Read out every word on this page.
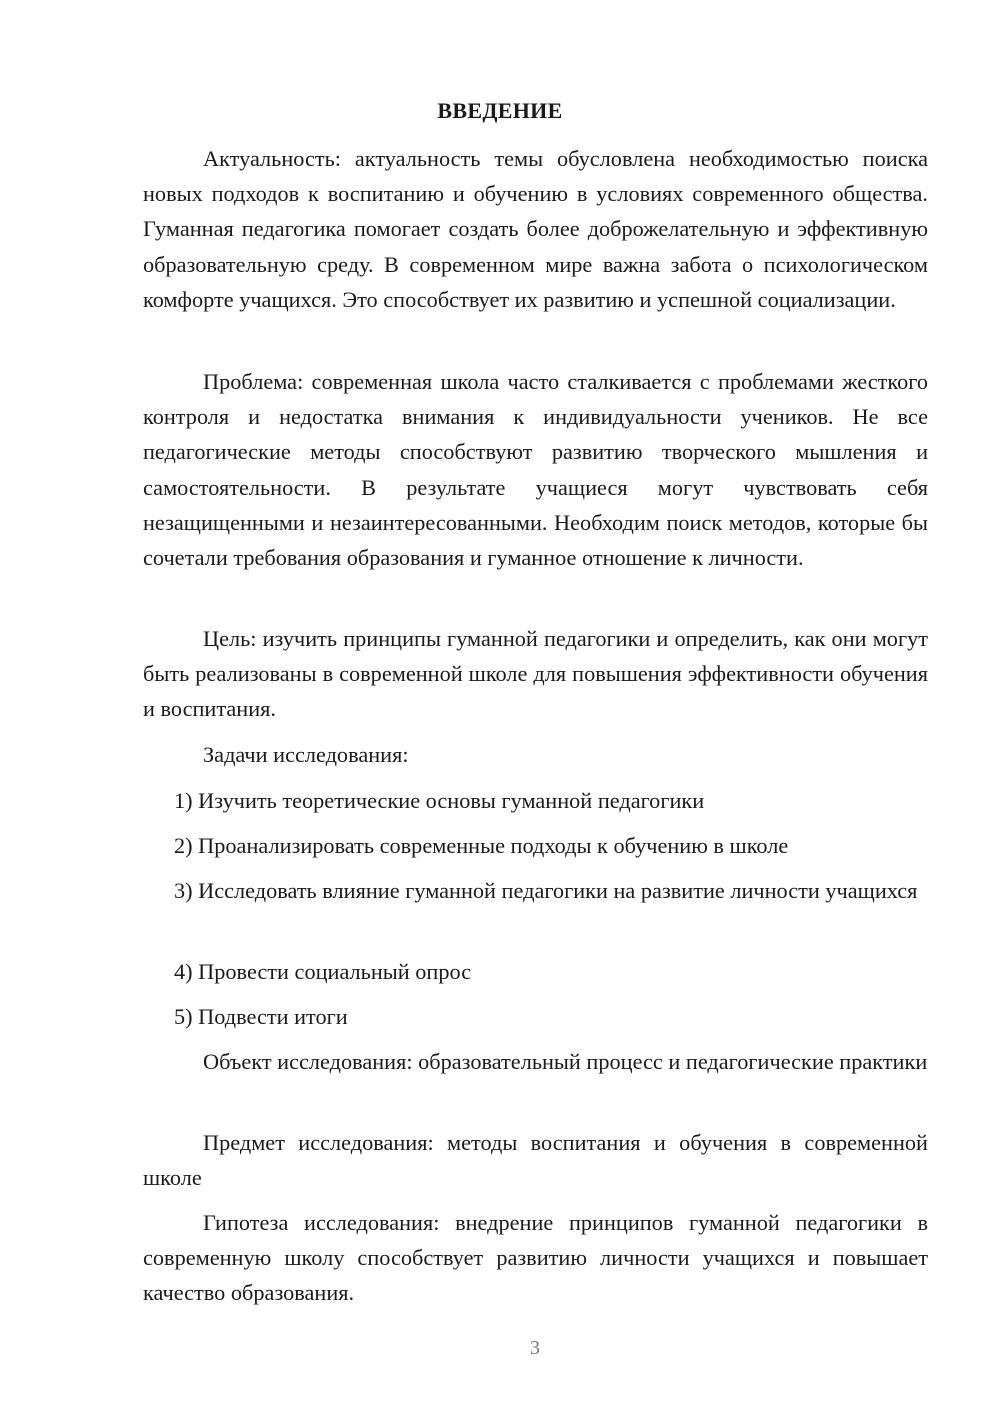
ВВЕДЕНИЕ

Актуальность: актуальность темы обусловлена необходимостью поиска новых подходов к воспитанию и обучению в условиях современного общества. Гуманная педагогика помогает создать более доброжелательную и эффективную образовательную среду. В современном мире важна забота о психологическом комфорте учащихся. Это способствует их развитию и успешной социализации.

Проблема: современная школа часто сталкивается с проблемами жесткого контроля и недостатка внимания к индивидуальности учеников. Не все педагогические методы способствуют развитию творческого мышления и самостоятельности. В результате учащиеся могут чувствовать себя незащищенными и незаинтересованными. Необходим поиск методов, которые бы сочетали требования образования и гуманное отношение к личности.

Цель: изучить принципы гуманной педагогики и определить, как они могут быть реализованы в современной школе для повышения эффективности обучения и воспитания.

Задачи исследования:

1) Изучить теоретические основы гуманной педагогики

2) Проанализировать современные подходы к обучению в школе

3) Исследовать влияние гуманной педагогики на развитие личности учащихся

4) Провести социальный опрос

5) Подвести итоги

Объект исследования: образовательный процесс и педагогические практики

Предмет исследования: методы воспитания и обучения в современной школе

Гипотеза исследования: внедрение принципов гуманной педагогики в современную школу способствует развитию личности учащихся и повышает качество образования.

3
